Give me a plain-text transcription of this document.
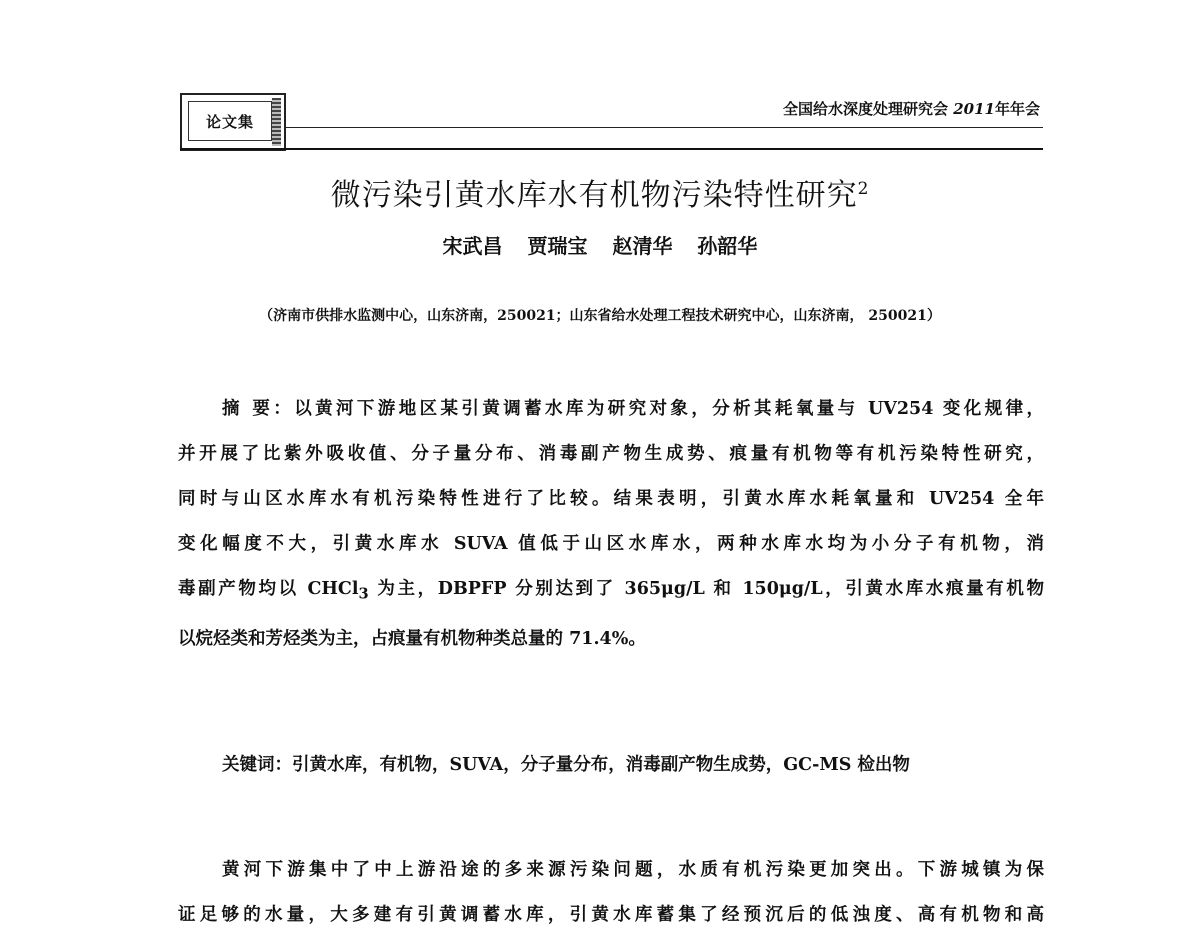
论文集
全国给水深度处理研究会 2011年年会
微污染引黄水库水有机物污染特性研究$^2$
宋武昌 贾瑞宝 赵清华 孙韶华
（济南市供排水监测中心，山东济南，250021；山东省给水处理工程技术研究中心，山东济南， 250021）
摘 要：以黄河下游地区某引黄调蓄水库为研究对象，分析其耗氧量与 UV254 变化规律，
并开展了比紫外吸收值、分子量分布、消毒副产物生成势、痕量有机物等有机污染特性研究，
同时与山区水库水有机污染特性进行了比较。结果表明，引黄水库水耗氧量和 UV254 全年
变化幅度不大，引黄水库水 SUVA 值低于山区水库水，两种水库水均为小分子有机物，消
毒副产物均以 CHCl$_3$ 为主，DBPFP 分别达到了 365μg/L 和 150μg/L，引黄水库水痕量有机物
以烷烃类和芳烃类为主，占痕量有机物种类总量的 71.4%。
关键词：引黄水库，有机物，SUVA，分子量分布，消毒副产物生成势，GC-MS 检出物
黄河下游集中了中上游沿途的多来源污染问题，水质有机污染更加突出。下游城镇为保
证足够的水量，大多建有引黄调蓄水库，引黄水库蓄集了经预沉后的低浊度、高有机物和高
